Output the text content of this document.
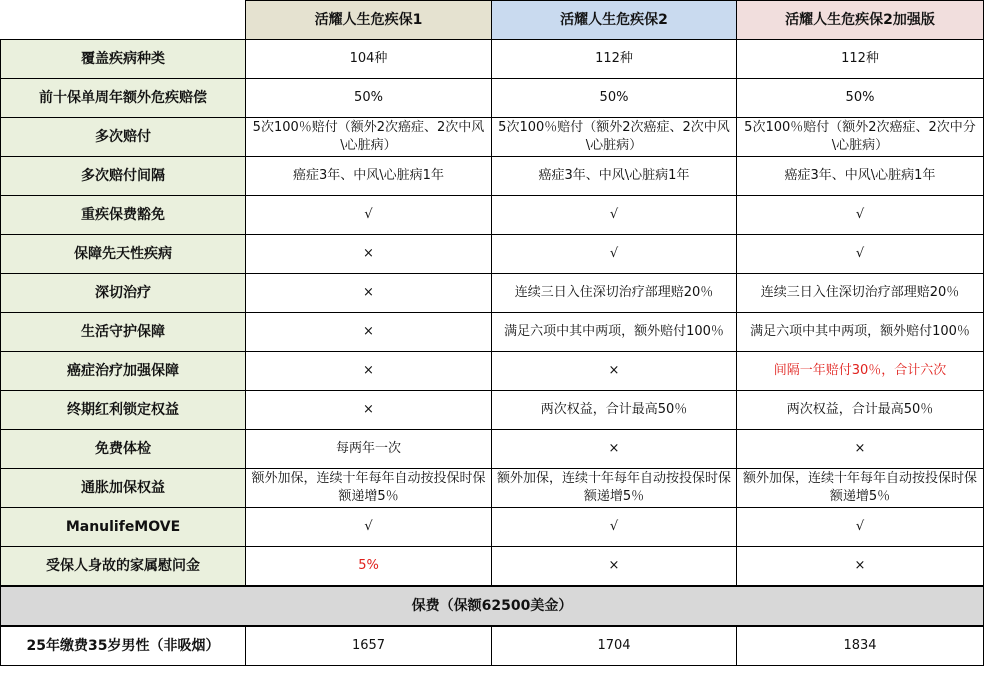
	活耀人生危疾保1	活耀人生危疾保2	活耀人生危疾保2加强版
覆盖疾病种类	104种	112种	112种
前十保单周年额外危疾赔偿	50%	50%	50%
多次赔付	5次100％赔付（额外2次癌症、2次中风\心脏病）	5次100％赔付（额外2次癌症、2次中风\心脏病）	5次100％赔付（额外2次癌症、2次中分\心脏病）
多次赔付间隔	癌症3年、中风\心脏病1年	癌症3年、中风\心脏病1年	癌症3年、中风\心脏病1年
重疾保费豁免	√	√	√
保障先天性疾病	×	√	√
深切治疗	×	连续三日入住深切治疗部理赔20％	连续三日入住深切治疗部理赔20％
生活守护保障	×	满足六项中其中两项，额外赔付100％	满足六项中其中两项，额外赔付100％
癌症治疗加强保障	×	×	间隔一年赔付30％，合计六次
终期红利锁定权益	×	两次权益，合计最高50％	两次权益，合计最高50％
免费体检	每两年一次	×	×
通胀加保权益	额外加保，连续十年每年自动按投保时保额递增5％	额外加保，连续十年每年自动按投保时保额递增5％	额外加保，连续十年每年自动按投保时保额递增5％
ManulifeMOVE	√	√	√
受保人身故的家属慰问金	5%	×	×
保费（保额62500美金）			
25年缴费35岁男性（非吸烟）	1657	1704	1834
